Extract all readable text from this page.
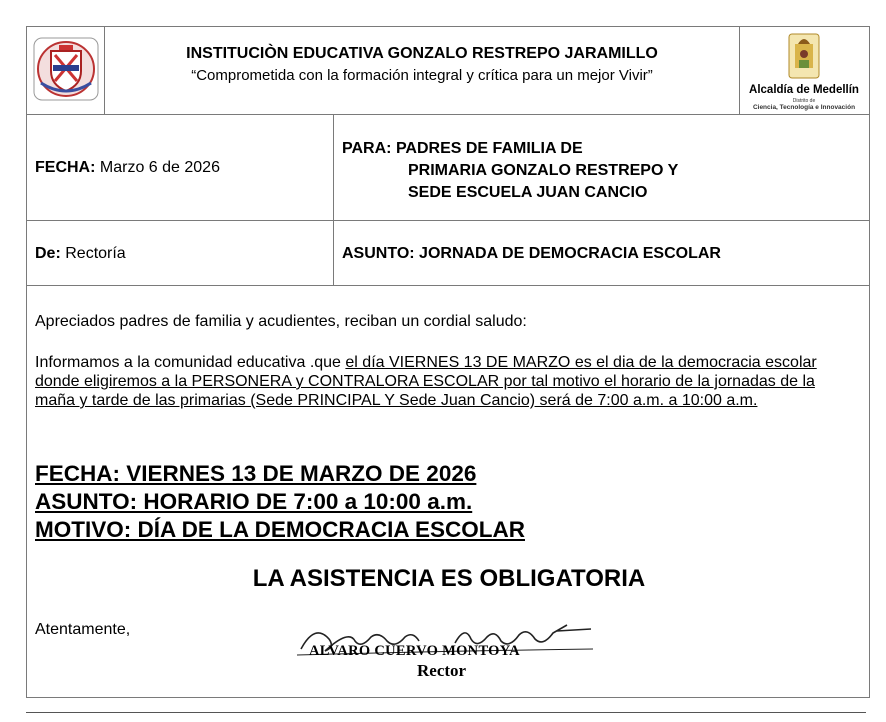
INSTITUCIÒN EDUCATIVA GONZALO RESTREPO JARAMILLO
“Comprometida con la formación integral y crítica para un mejor Vivir”
Alcaldía de Medellín
Distrito de
Ciencia, Tecnología e Innovación
FECHA: Marzo 6 de 2026
PARA: PADRES DE FAMILIA DE
PRIMARIA GONZALO RESTREPO Y
SEDE ESCUELA JUAN CANCIO
De: Rectoría	ASUNTO: JORNADA DE DEMOCRACIA ESCOLAR
Apreciados padres de familia y acudientes, reciban un cordial saludo:
Informamos a la comunidad educativa .que el día VIERNES 13 DE MARZO es el dia de la democracia escolar donde eligiremos a la PERSONERA y CONTRALORA ESCOLAR por tal motivo el horario de la jornadas de la maña y tarde de las primarias (Sede PRINCIPAL Y Sede Juan Cancio) será de 7:00 a.m. a 10:00 a.m.
FECHA: VIERNES 13 DE MARZO DE 2026
ASUNTO: HORARIO DE 7:00 a 10:00 a.m.
MOTIVO: DÍA DE LA DEMOCRACIA ESCOLAR
LA ASISTENCIA ES OBLIGATORIA
Atentamente,
ALVARO CUERVO MONTOYA
Rector
